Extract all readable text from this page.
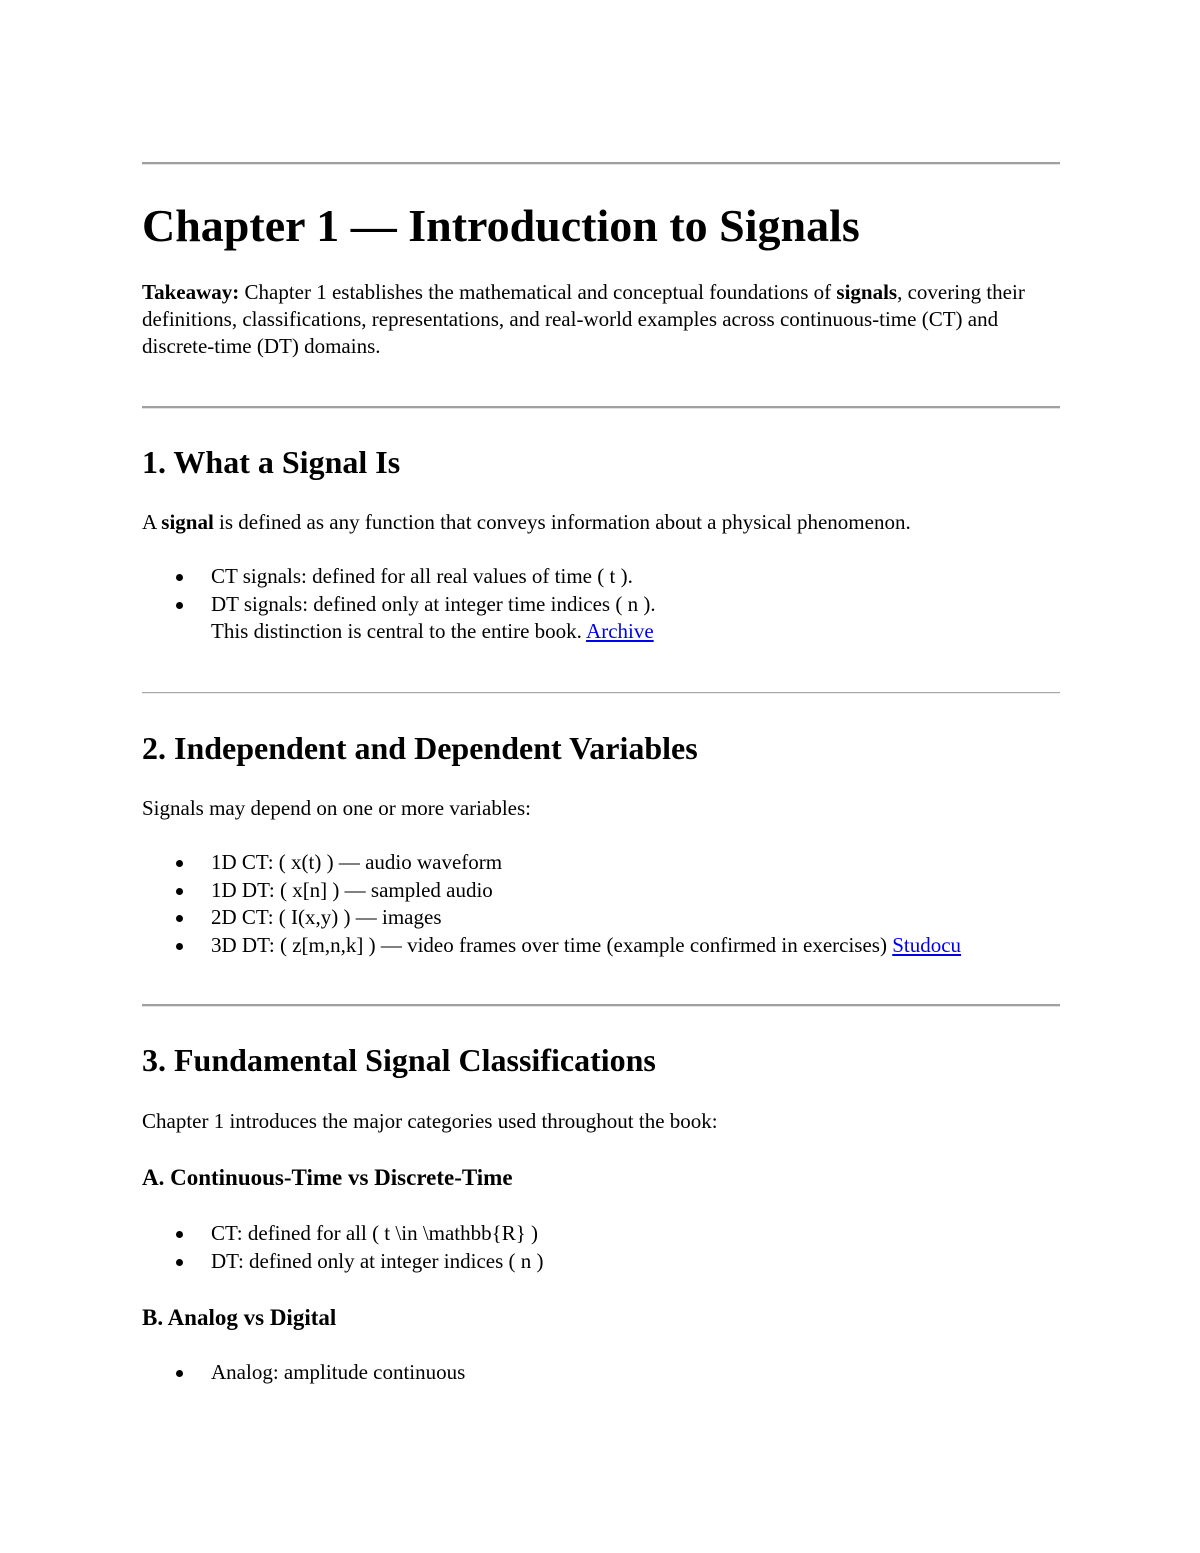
Chapter 1 — Introduction to Signals

Takeaway: Chapter 1 establishes the mathematical and conceptual foundations of signals, covering their definitions, classifications, representations, and real-world examples across continuous-time (CT) and discrete-time (DT) domains.

1. What a Signal Is

A signal is defined as any function that conveys information about a physical phenomenon.

CT signals: defined for all real values of time ( t ).
DT signals: defined only at integer time indices ( n ).
This distinction is central to the entire book. Archive
2. Independent and Dependent Variables

Signals may depend on one or more variables:

1D CT: ( x(t) ) — audio waveform
1D DT: ( x[n] ) — sampled audio
2D CT: ( I(x,y) ) — images
3D DT: ( z[m,n,k] ) — video frames over time (example confirmed in exercises) Studocu
3. Fundamental Signal Classifications

Chapter 1 introduces the major categories used throughout the book:

A. Continuous-Time vs Discrete-Time
CT: defined for all ( t \in \mathbb{R} )
DT: defined only at integer indices ( n )
B. Analog vs Digital
Analog: amplitude continuous
